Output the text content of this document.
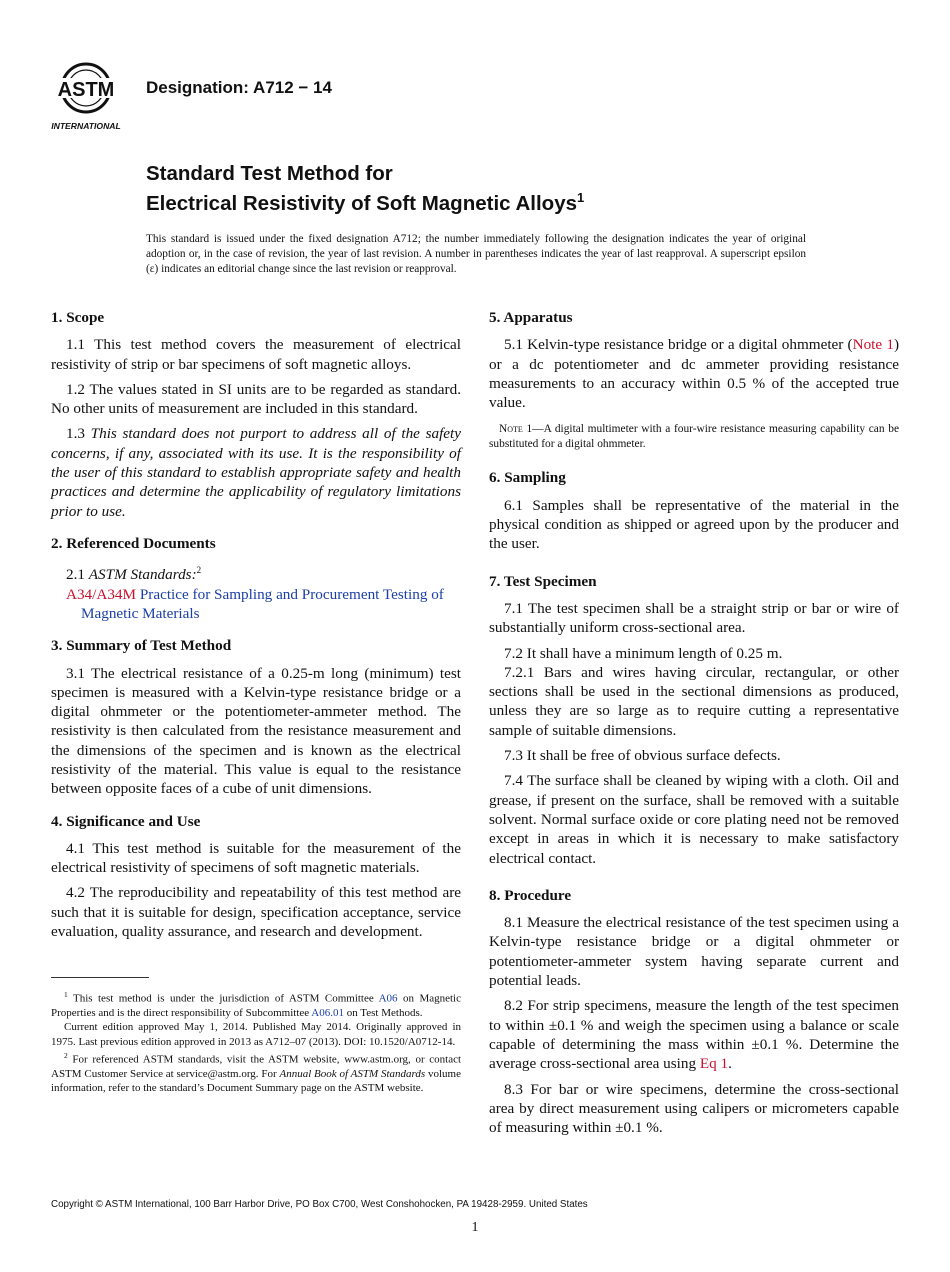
ASTM
INTERNATIONAL
Designation: A712 − 14
Standard Test Method for
Electrical Resistivity of Soft Magnetic Alloys$^1$
This standard is issued under the fixed designation A712; the number immediately following the designation indicates the year of original adoption or, in the case of revision, the year of last revision. A number in parentheses indicates the year of last reapproval. A superscript epsilon (ε) indicates an editorial change since the last revision or reapproval.
1. Scope

1.1 This test method covers the measurement of electrical resistivity of strip or bar specimens of soft magnetic alloys.

1.2 The values stated in SI units are to be regarded as standard. No other units of measurement are included in this standard.

1.3 This standard does not purport to address all of the safety concerns, if any, associated with its use. It is the responsibility of the user of this standard to establish appropriate safety and health practices and determine the applicability of regulatory limitations prior to use.

2. Referenced Documents

2.1 ASTM Standards:$^2$

A34/A34M Practice for Sampling and Procurement Testing of Magnetic Materials

3. Summary of Test Method

3.1 The electrical resistance of a 0.25-m long (minimum) test specimen is measured with a Kelvin-type resistance bridge or a digital ohmmeter or the potentiometer-ammeter method. The resistivity is then calculated from the resistance measurement and the dimensions of the specimen and is known as the electrical resistivity of the material. This value is equal to the resistance between opposite faces of a cube of unit dimensions.

4. Significance and Use

4.1 This test method is suitable for the measurement of the electrical resistivity of specimens of soft magnetic materials.

4.2 The reproducibility and repeatability of this test method are such that it is suitable for design, specification acceptance, service evaluation, quality assurance, and research and development.

5. Apparatus

5.1 Kelvin-type resistance bridge or a digital ohmmeter (Note 1) or a dc potentiometer and dc ammeter providing resistance measurements to an accuracy within 0.5 % of the accepted true value.

Note 1—A digital multimeter with a four-wire resistance measuring capability can be substituted for a digital ohmmeter.

6. Sampling

6.1 Samples shall be representative of the material in the physical condition as shipped or agreed upon by the producer and the user.

7. Test Specimen

7.1 The test specimen shall be a straight strip or bar or wire of substantially uniform cross-sectional area.

7.2 It shall have a minimum length of 0.25 m.

7.2.1 Bars and wires having circular, rectangular, or other sections shall be used in the sectional dimensions as produced, unless they are so large as to require cutting a representative sample of suitable dimensions.

7.3 It shall be free of obvious surface defects.

7.4 The surface shall be cleaned by wiping with a cloth. Oil and grease, if present on the surface, shall be removed with a suitable solvent. Normal surface oxide or core plating need not be removed except in areas in which it is necessary to make satisfactory electrical contact.

8. Procedure

8.1 Measure the electrical resistance of the test specimen using a Kelvin-type resistance bridge or a digital ohmmeter or potentiometer-ammeter system having separate current and potential leads.

8.2 For strip specimens, measure the length of the test specimen to within ±0.1 % and weigh the specimen using a balance or scale capable of determining the mass within ±0.1 %. Determine the average cross-sectional area using Eq 1.

8.3 For bar or wire specimens, determine the cross-sectional area by direct measurement using calipers or micrometers capable of measuring within ±0.1 %.

$^1$ This test method is under the jurisdiction of ASTM Committee A06 on Magnetic Properties and is the direct responsibility of Subcommittee A06.01 on Test Methods.

Current edition approved May 1, 2014. Published May 2014. Originally approved in 1975. Last previous edition approved in 2013 as A712–07 (2013). DOI: 10.1520/A0712-14.

$^2$ For referenced ASTM standards, visit the ASTM website, www.astm.org, or contact ASTM Customer Service at service@astm.org. For Annual Book of ASTM Standards volume information, refer to the standard’s Document Summary page on the ASTM website.

Copyright © ASTM International, 100 Barr Harbor Drive, PO Box C700, West Conshohocken, PA 19428-2959. United States
1
